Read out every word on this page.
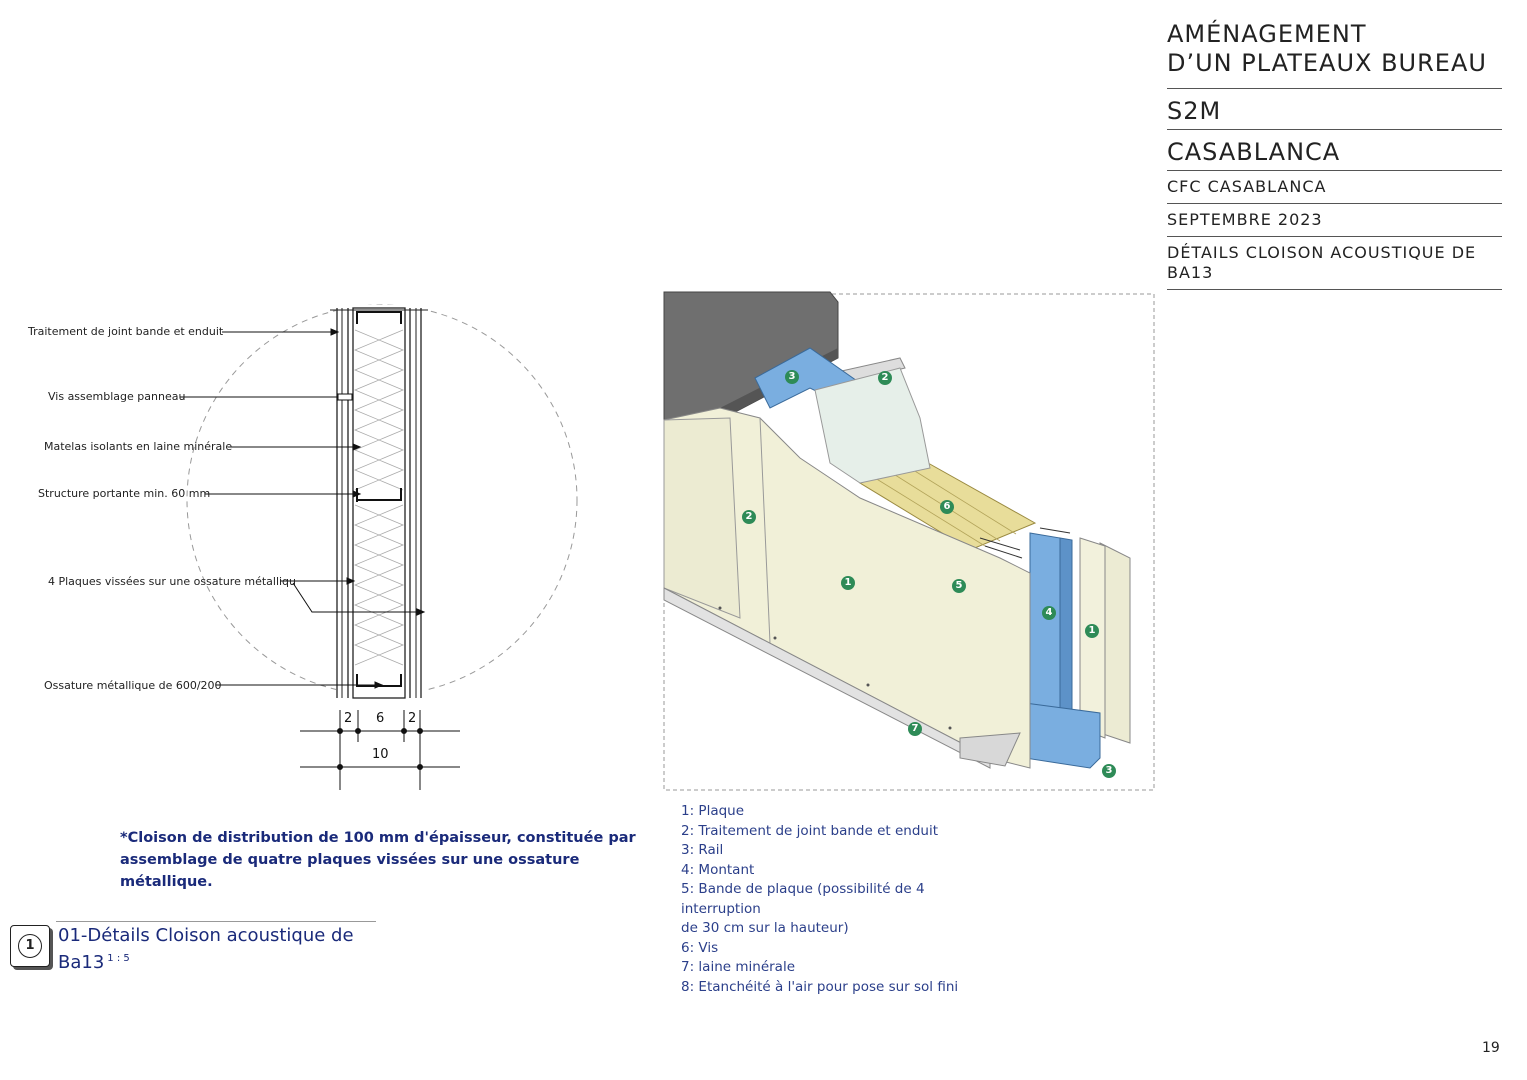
AMÉNAGEMENT
D’UN PLATEAUX BUREAU
S2M
CASABLANCA
CFC CASABLANCA
SEPTEMBRE 2023
DÉTAILS CLOISON ACOUSTIQUE DE BA13
Traitement de joint bande et enduit
Vis assemblage panneau
Matelas isolants en laine minérale
Structure portante min. 60 mm
4 Plaques vissées sur une ossature métalliqu
Ossature métallique de 600/200
2 6 2
10
3	2
2
6
1	5
4
1
7
3
1: Plaque
2: Traitement de joint bande et enduit
3: Rail
4: Montant
5: Bande de plaque (possibilité de 4
interruption
de 30 cm sur la hauteur)
6: Vis
7: laine minérale
8: Etanchéité à l'air pour pose sur sol fini
*Cloison de distribution de 100 mm d'épaisseur, constituée par assemblage de quatre plaques vissées sur une ossature métallique.
1	01-Détails Cloison acoustique de Ba13 $^{1 : 5}$
19
